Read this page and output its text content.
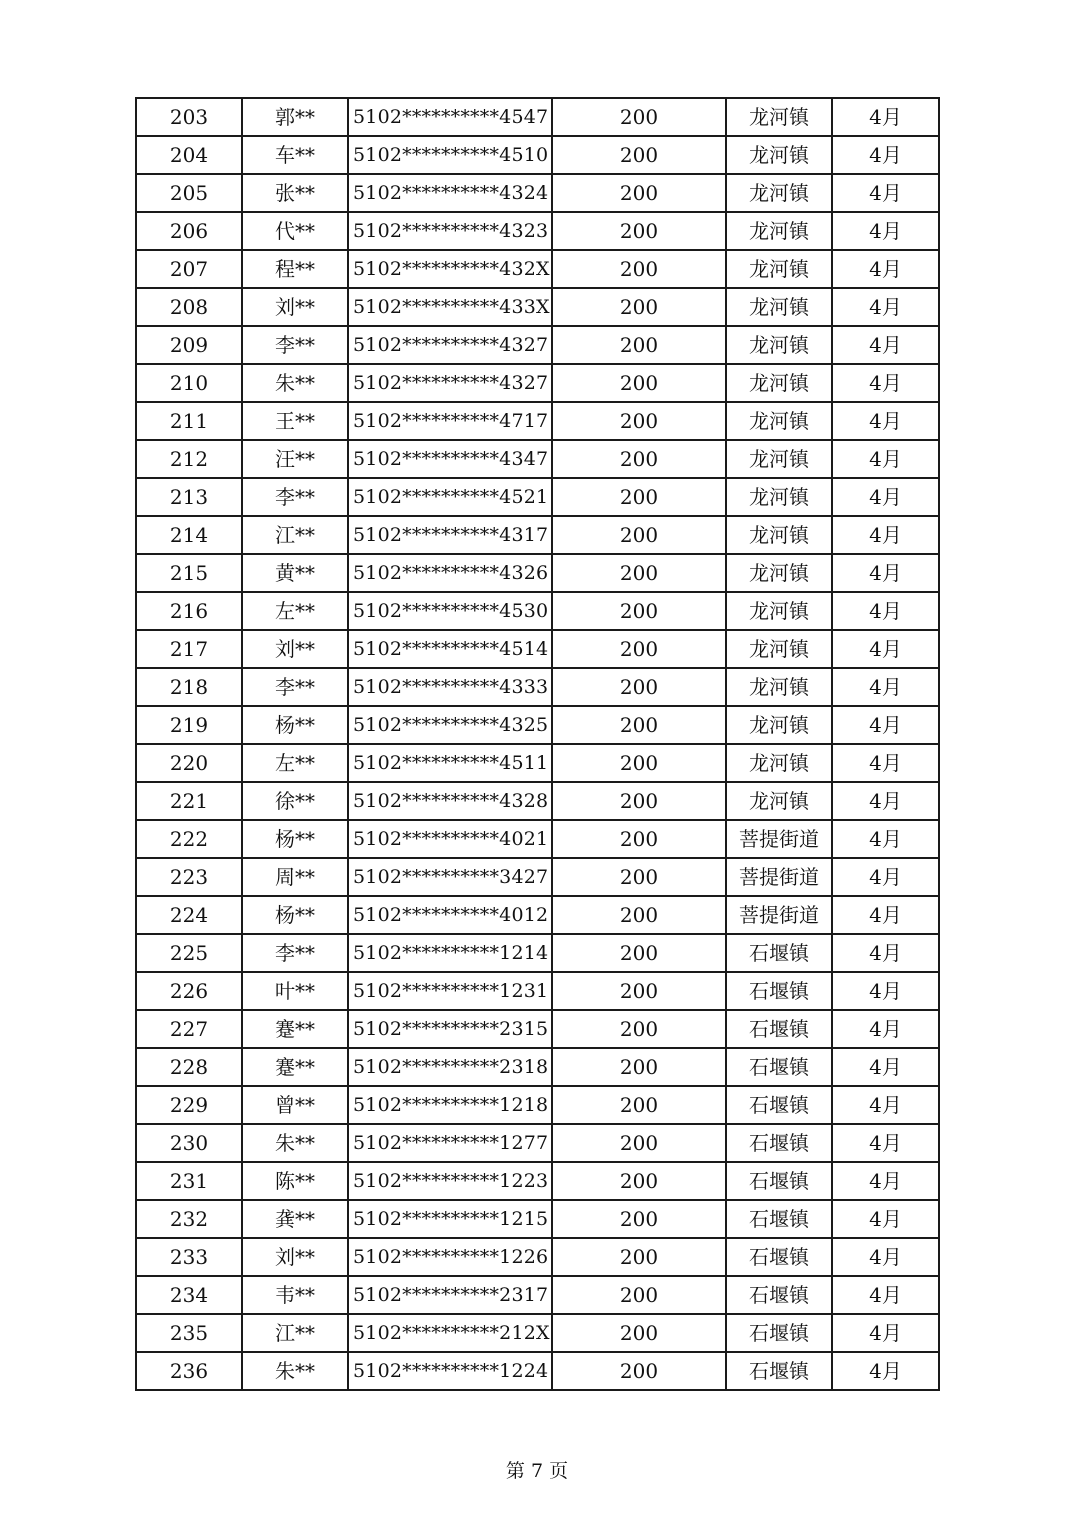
203	郭**	5102**********4547	200	龙河镇	4月
204	车**	5102**********4510	200	龙河镇	4月
205	张**	5102**********4324	200	龙河镇	4月
206	代**	5102**********4323	200	龙河镇	4月
207	程**	5102**********432X	200	龙河镇	4月
208	刘**	5102**********433X	200	龙河镇	4月
209	李**	5102**********4327	200	龙河镇	4月
210	朱**	5102**********4327	200	龙河镇	4月
211	王**	5102**********4717	200	龙河镇	4月
212	汪**	5102**********4347	200	龙河镇	4月
213	李**	5102**********4521	200	龙河镇	4月
214	江**	5102**********4317	200	龙河镇	4月
215	黄**	5102**********4326	200	龙河镇	4月
216	左**	5102**********4530	200	龙河镇	4月
217	刘**	5102**********4514	200	龙河镇	4月
218	李**	5102**********4333	200	龙河镇	4月
219	杨**	5102**********4325	200	龙河镇	4月
220	左**	5102**********4511	200	龙河镇	4月
221	徐**	5102**********4328	200	龙河镇	4月
222	杨**	5102**********4021	200	菩提街道	4月
223	周**	5102**********3427	200	菩提街道	4月
224	杨**	5102**********4012	200	菩提街道	4月
225	李**	5102**********1214	200	石堰镇	4月
226	叶**	5102**********1231	200	石堰镇	4月
227	蹇**	5102**********2315	200	石堰镇	4月
228	蹇**	5102**********2318	200	石堰镇	4月
229	曾**	5102**********1218	200	石堰镇	4月
230	朱**	5102**********1277	200	石堰镇	4月
231	陈**	5102**********1223	200	石堰镇	4月
232	龚**	5102**********1215	200	石堰镇	4月
233	刘**	5102**********1226	200	石堰镇	4月
234	韦**	5102**********2317	200	石堰镇	4月
235	江**	5102**********212X	200	石堰镇	4月
236	朱**	5102**********1224	200	石堰镇	4月
第 7 页
